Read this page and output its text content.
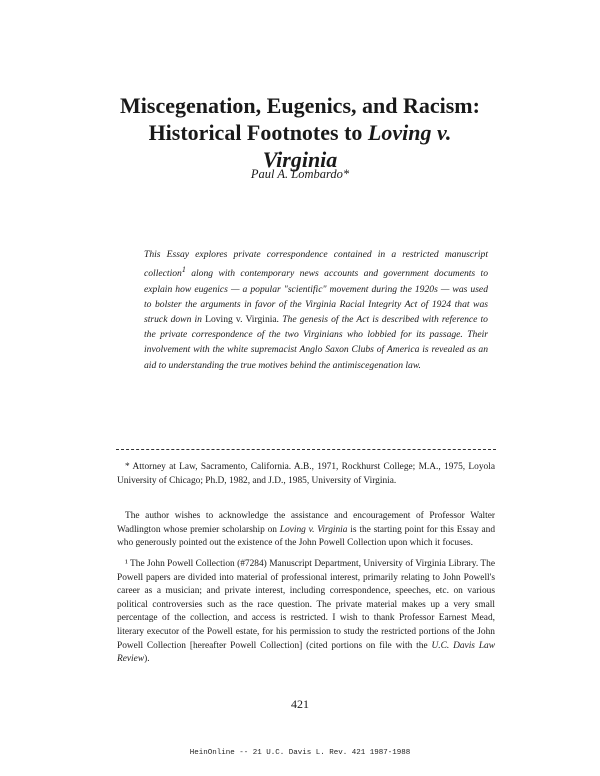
Miscegenation, Eugenics, and Racism:
Historical Footnotes to Loving v.
Virginia
Paul A. Lombardo*

This Essay explores private correspondence contained in a restricted manuscript collection$^1$ along with contemporary news accounts and government documents to explain how eugenics — a popular "scientific" movement during the 1920s — was used to bolster the arguments in favor of the Virginia Racial Integrity Act of 1924 that was struck down in Loving v. Virginia. The genesis of the Act is described with reference to the private correspondence of the two Virginians who lobbied for its passage. Their involvement with the white supremacist Anglo Saxon Clubs of America is revealed as an aid to understanding the true motives behind the antimiscegenation law.

* Attorney at Law, Sacramento, California. A.B., 1971, Rockhurst College; M.A., 1975, Loyola University of Chicago; Ph.D, 1982, and J.D., 1985, University of Virginia.

The author wishes to acknowledge the assistance and encouragement of Professor Walter Wadlington whose premier scholarship on Loving v. Virginia is the starting point for this Essay and who generously pointed out the existence of the John Powell Collection upon which it focuses.

¹ The John Powell Collection (#7284) Manuscript Department, University of Virginia Library. The Powell papers are divided into material of professional interest, primarily relating to John Powell's career as a musician; and private interest, including correspondence, speeches, etc. on various political controversies such as the race question. The private material makes up a very small percentage of the collection, and access is restricted. I wish to thank Professor Earnest Mead, literary executor of the Powell estate, for his permission to study the restricted portions of the John Powell Collection [hereafter Powell Collection] (cited portions on file with the U.C. Davis Law Review).

421
HeinOnline -- 21 U.C. Davis L. Rev. 421 1987-1988
